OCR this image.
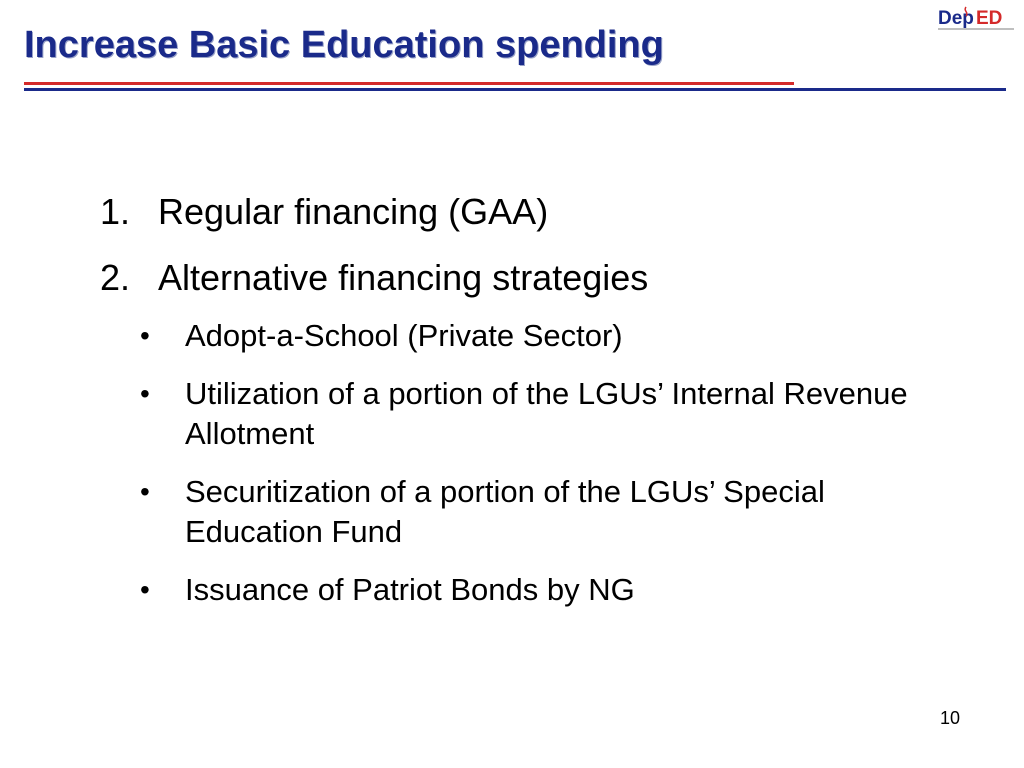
Increase Basic Education spending
Dep ED
1. Regular financing (GAA)
2. Alternative financing strategies
•	Adopt-a-School (Private Sector)
•	Utilization of a portion of the LGUs’ Internal Revenue Allotment
•	Securitization of a portion of the LGUs’ Special Education Fund
•	Issuance of Patriot Bonds by NG
10
